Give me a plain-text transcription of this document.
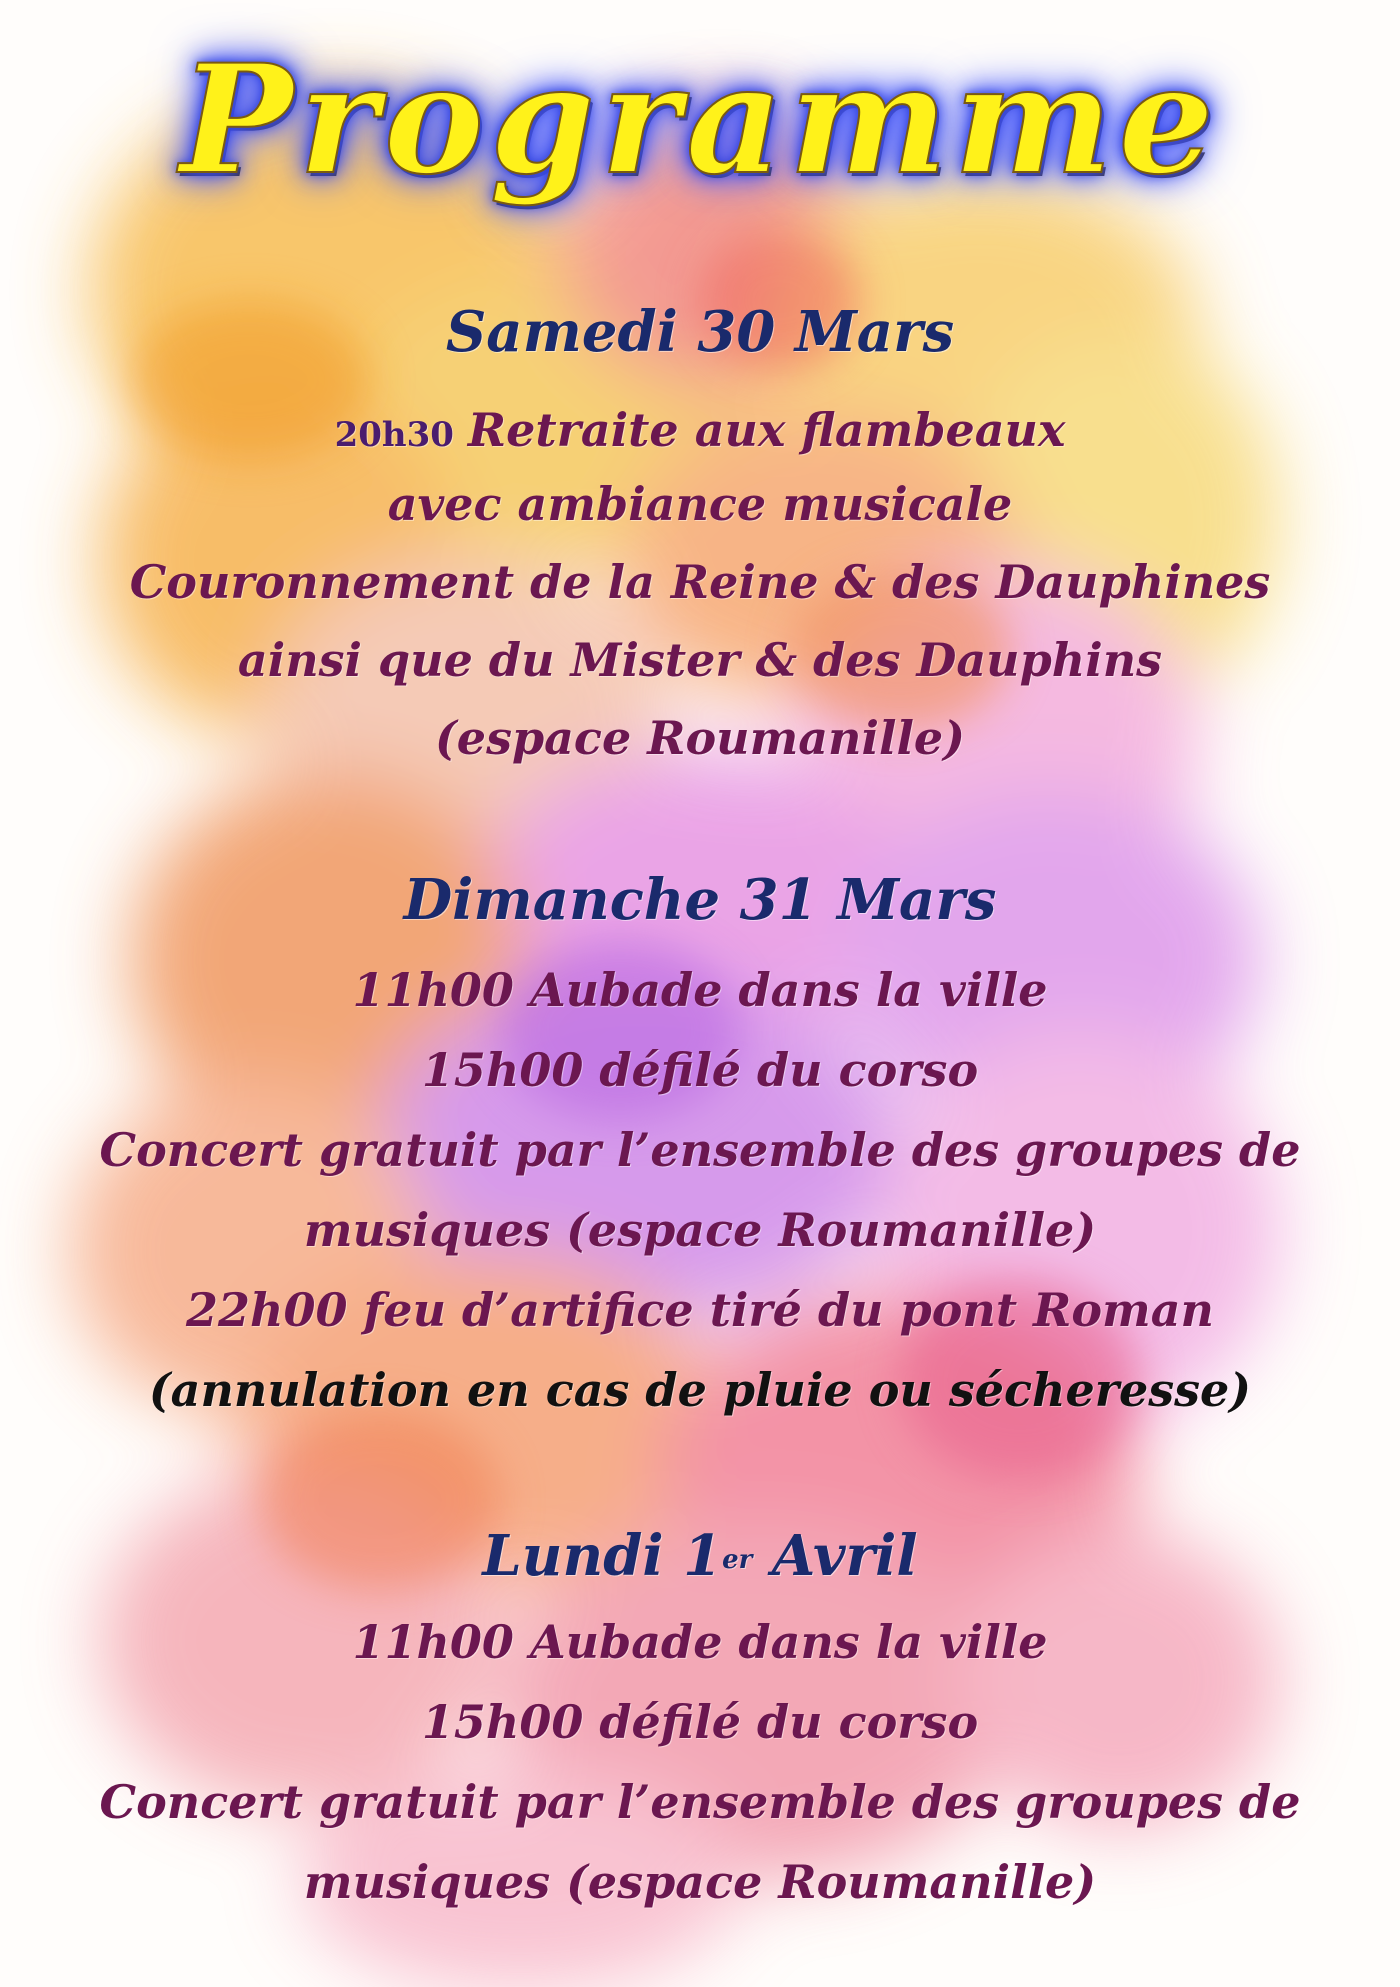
Programme
Samedi 30 Mars
20h30 Retraite aux flambeaux
avec ambiance musicale
Couronnement de la Reine & des Dauphines
ainsi que du Mister & des Dauphins
(espace Roumanille)
Dimanche 31 Mars
11h00 Aubade dans la ville
15h00 défilé du corso
Concert gratuit par l’ensemble des groupes de
musiques (espace Roumanille)
22h00 feu d’artifice tiré du pont Roman
(annulation en cas de pluie ou sécheresse)
Lundi 1er Avril
11h00 Aubade dans la ville
15h00 défilé du corso
Concert gratuit par l’ensemble des groupes de
musiques (espace Roumanille)
